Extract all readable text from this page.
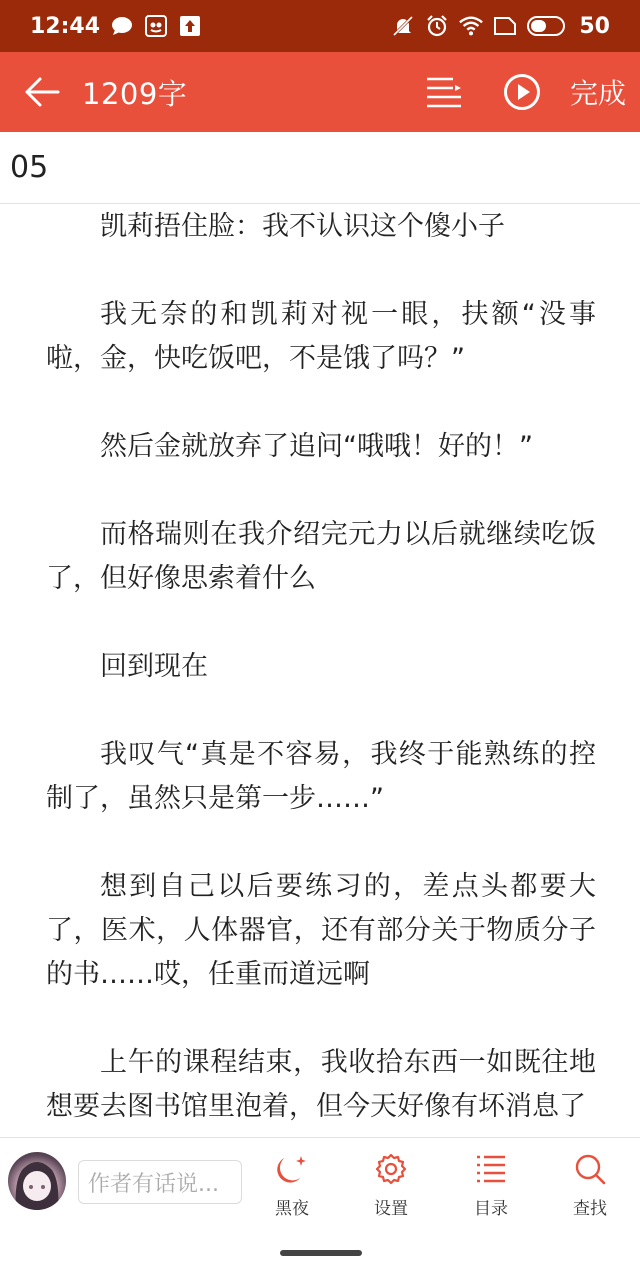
12:44	50
1209字	完成
05

凯莉捂住脸：我不认识这个傻小子

我无奈的和凯莉对视一眼，扶额“没事啦，金，快吃饭吧，不是饿了吗？”

然后金就放弃了追问“哦哦！好的！”

而格瑞则在我介绍完元力以后就继续吃饭了，但好像思索着什么

回到现在

我叹气“真是不容易，我终于能熟练的控制了，虽然只是第一步……”

想到自己以后要练习的，差点头都要大了，医术，人体器官，还有部分关于物质分子的书……哎，任重而道远啊

上午的课程结束，我收拾东西一如既往地想要去图书馆里泡着，但今天好像有坏消息了

作者有话说...
黑夜	设置	目录	查找
